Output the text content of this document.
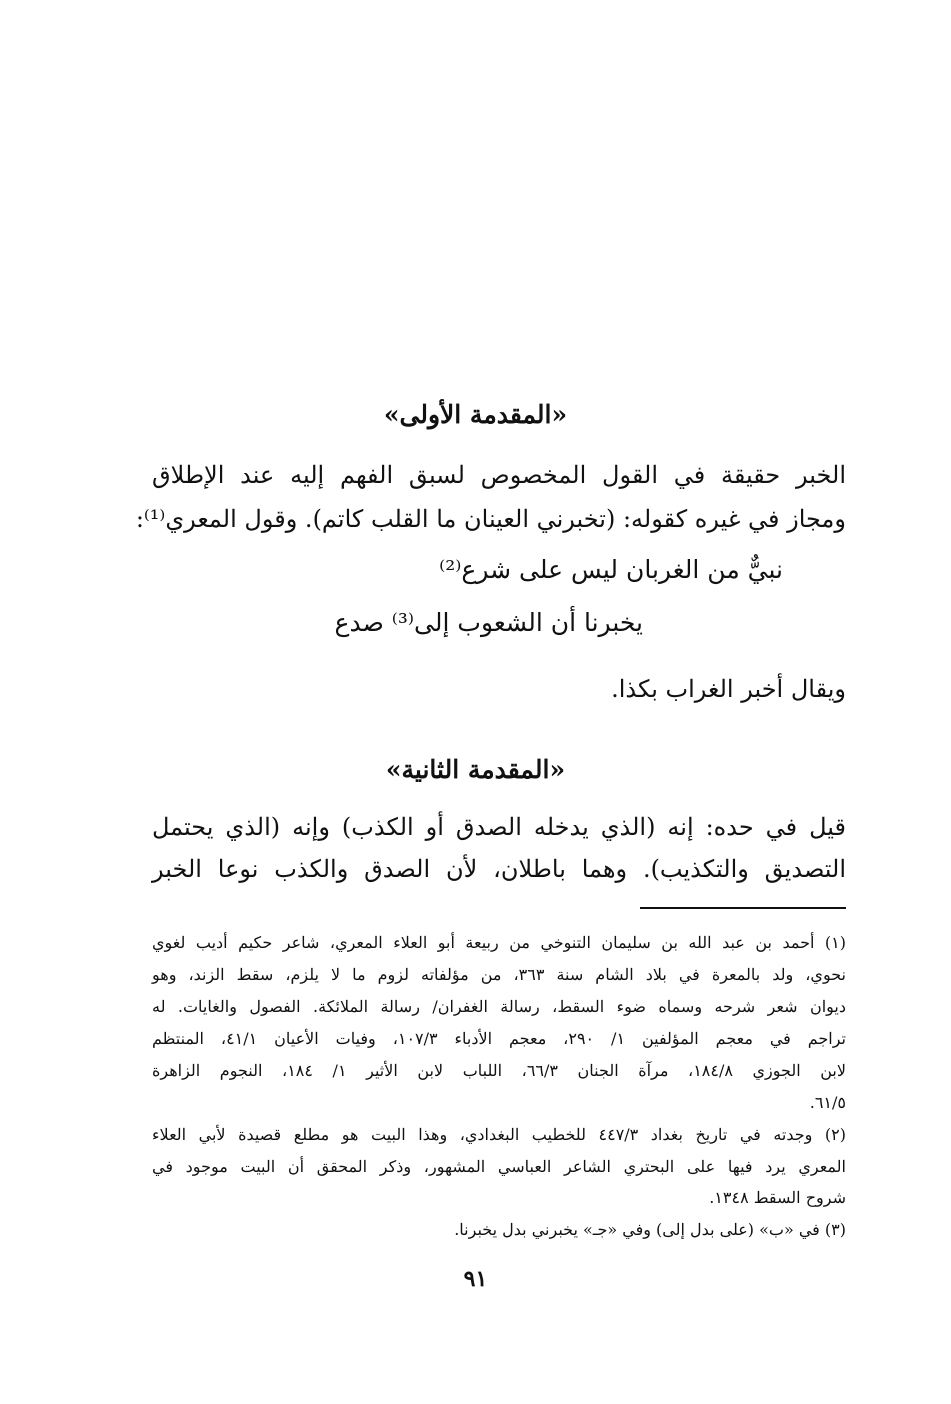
«المقدمة الأولى»
الخبر حقيقة في القول المخصوص لسبق الفهم إليه عند الإطلاق
ومجاز في غيره كقوله: (تخبرني العينان ما القلب كاتم). وقول المعري⁽¹⁾:
نبيٌّ من الغربان ليس على شرع⁽²⁾
يخبرنا أن الشعوب إلى⁽³⁾ صدع
ويقال أخبر الغراب بكذا.
«المقدمة الثانية»
قيل في حده: إنه (الذي يدخله الصدق أو الكذب) وإنه (الذي يحتمل
التصديق والتكذيب). وهما باطلان، لأن الصدق والكذب نوعا الخبر
(١) أحمد بن عبد الله بن سليمان التنوخي من ربيعة أبو العلاء المعري، شاعر حكيم أديب لغوي
نحوي، ولد بالمعرة في بلاد الشام سنة ٣٦٣، من مؤلفاته لزوم ما لا يلزم، سقط الزند، وهو
ديوان شعر شرحه وسماه ضوء السقط، رسالة الغفران/ رسالة الملائكة. الفصول والغايات. له
تراجم في معجم المؤلفين ١/ ٢٩٠، معجم الأدباء ١٠٧/٣، وفيات الأعيان ٤١/١، المنتظم
لابن الجوزي ١٨٤/٨، مرآة الجنان ٦٦/٣، اللباب لابن الأثير ١/ ١٨٤، النجوم الزاهرة
٦١/٥.
(٢) وجدته في تاريخ بغداد ٤٤٧/٣ للخطيب البغدادي، وهذا البيت هو مطلع قصيدة لأبي العلاء
المعري يرد فيها على البحتري الشاعر العباسي المشهور، وذكر المحقق أن البيت موجود في
شروح السقط ١٣٤٨.
(٣) في «ب» (على بدل إلى) وفي «جـ» يخبرني بدل يخبرنا.
٩١
